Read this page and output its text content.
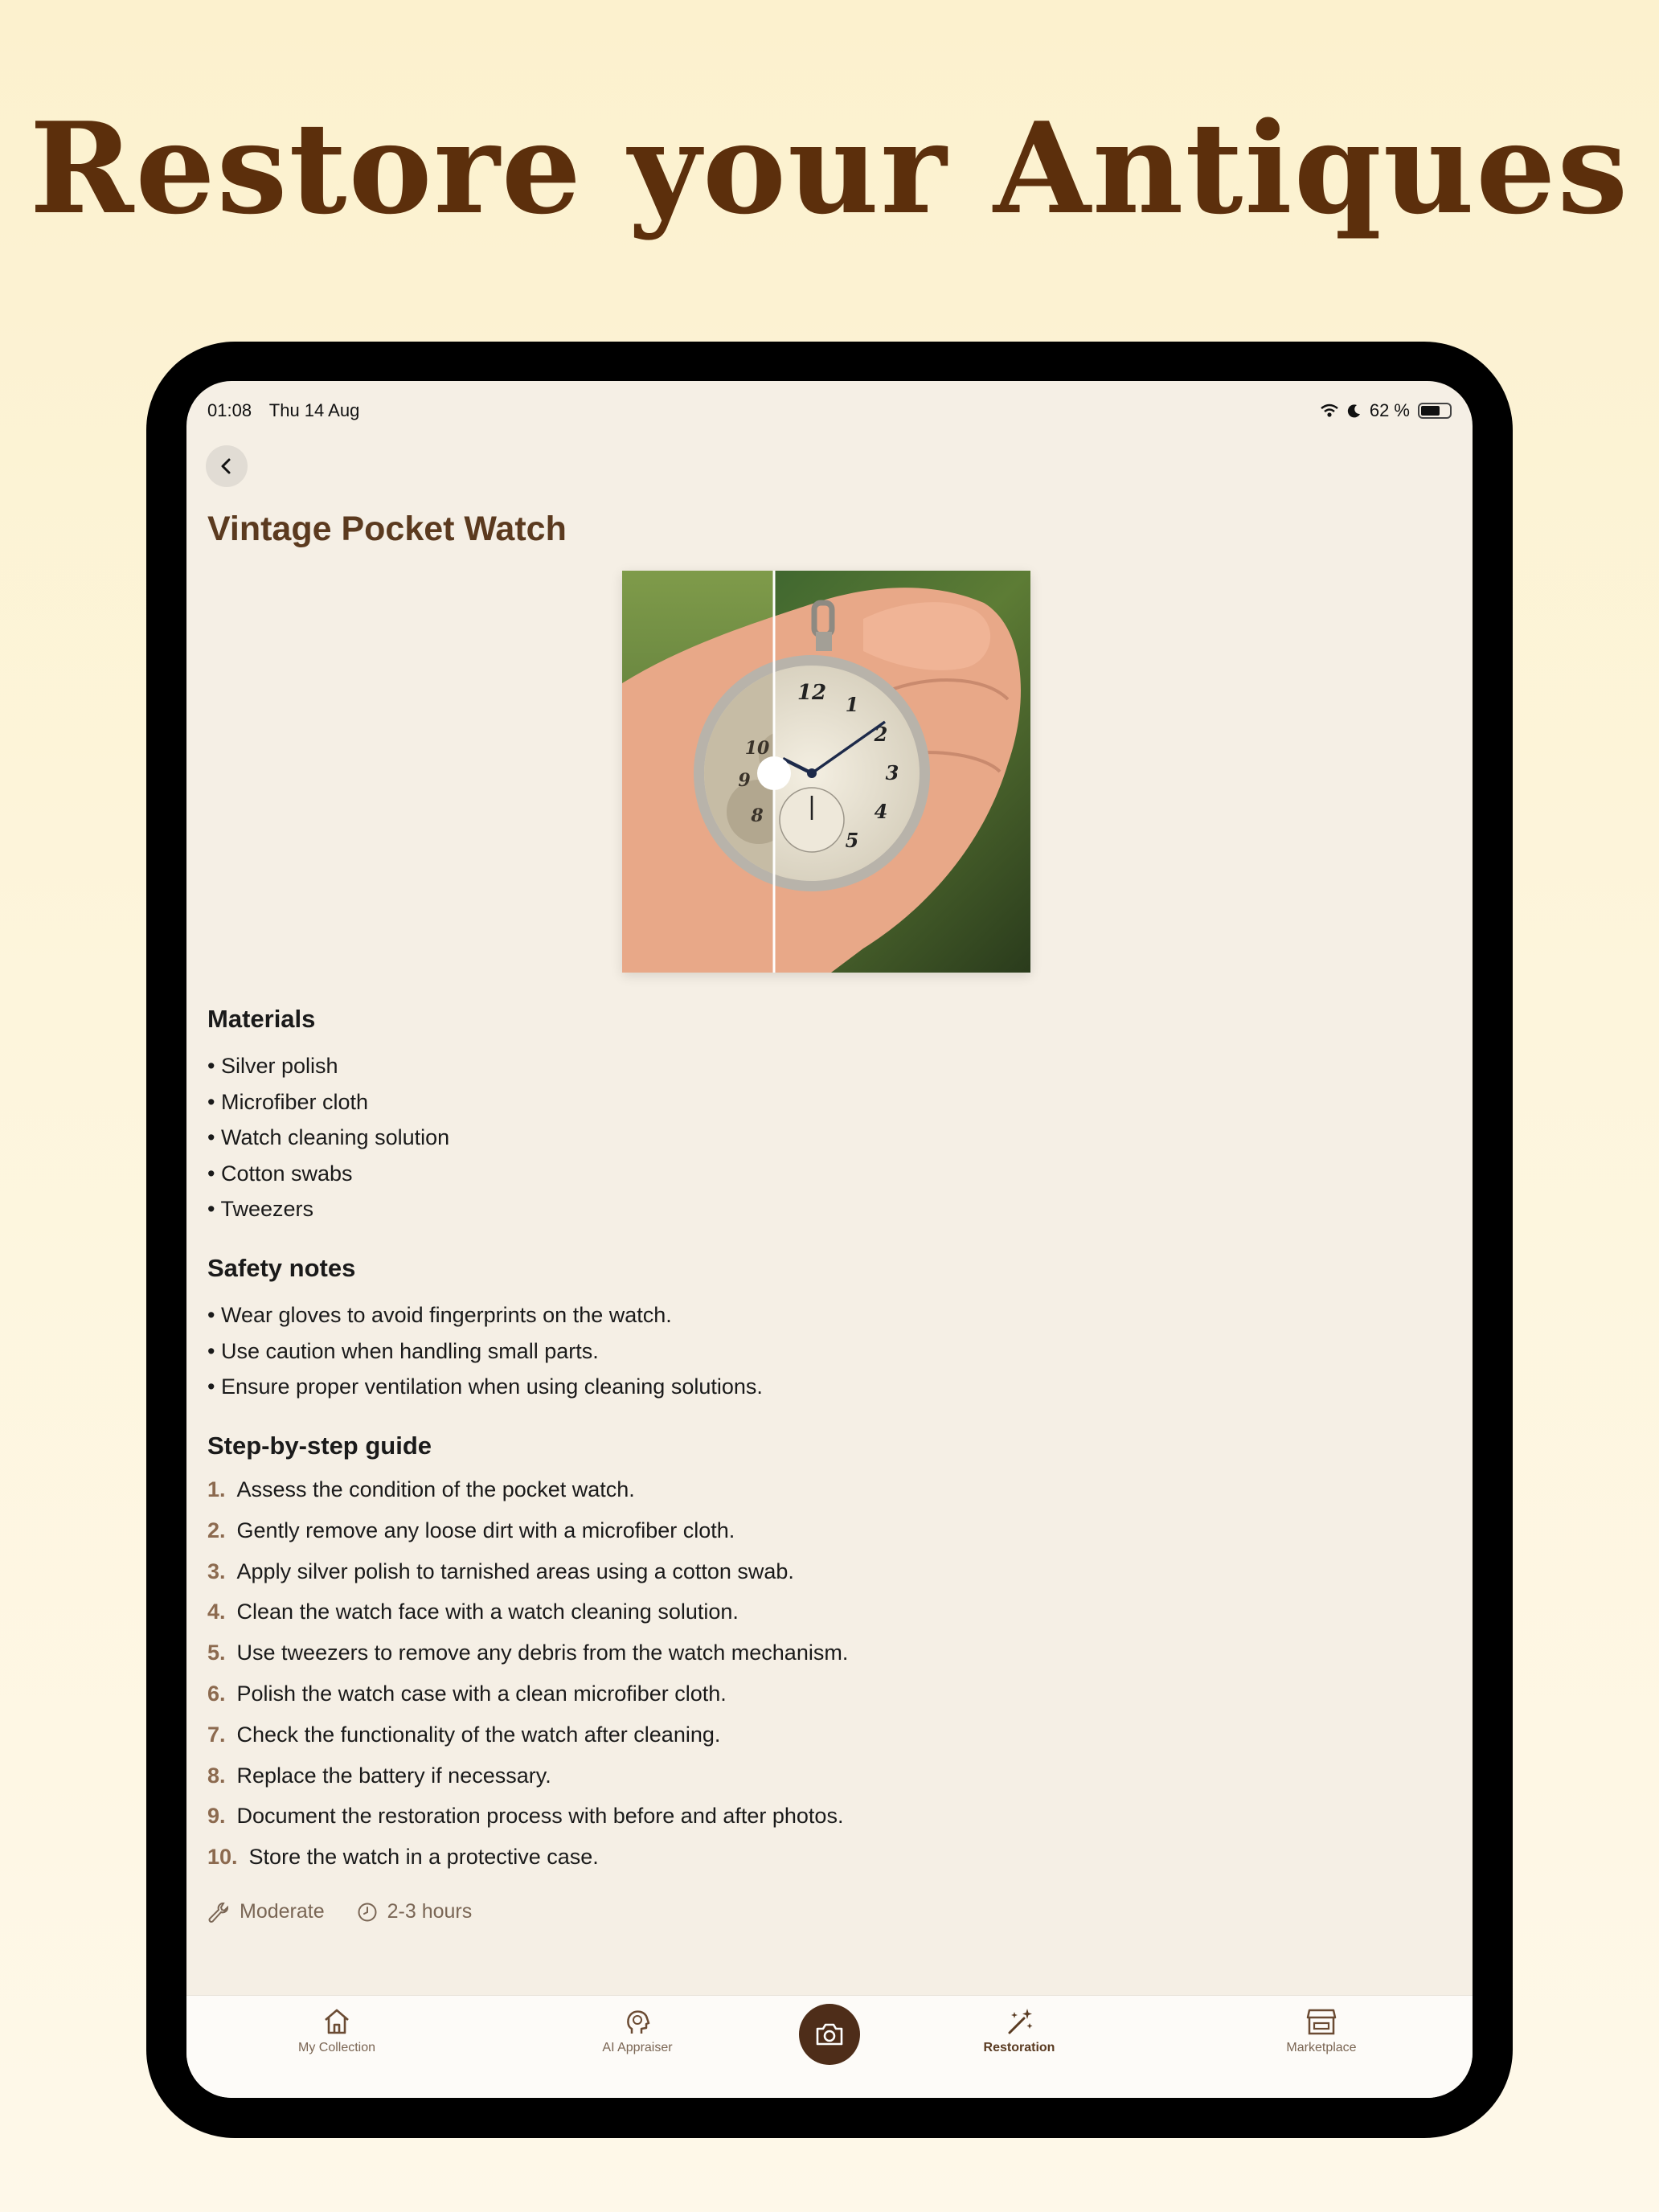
Restore your Antiques
01:08 Thu 14 Aug	62 %
Vintage Pocket Watch
12 1
2
3
4
5
10
9
8
Materials
• Silver polish
• Microfiber cloth
• Watch cleaning solution
• Cotton swabs
• Tweezers
Safety notes
• Wear gloves to avoid fingerprints on the watch.
• Use caution when handling small parts.
• Ensure proper ventilation when using cleaning solutions.
Step-by-step guide
1. Assess the condition of the pocket watch.
2. Gently remove any loose dirt with a microfiber cloth.
3. Apply silver polish to tarnished areas using a cotton swab.
4. Clean the watch face with a watch cleaning solution.
5. Use tweezers to remove any debris from the watch mechanism.
6. Polish the watch case with a clean microfiber cloth.
7. Check the functionality of the watch after cleaning.
8. Replace the battery if necessary.
9. Document the restoration process with before and after photos.
10. Store the watch in a protective case.
Moderate	2-3 hours
My Collection	AI Appraiser	Restoration	Marketplace
